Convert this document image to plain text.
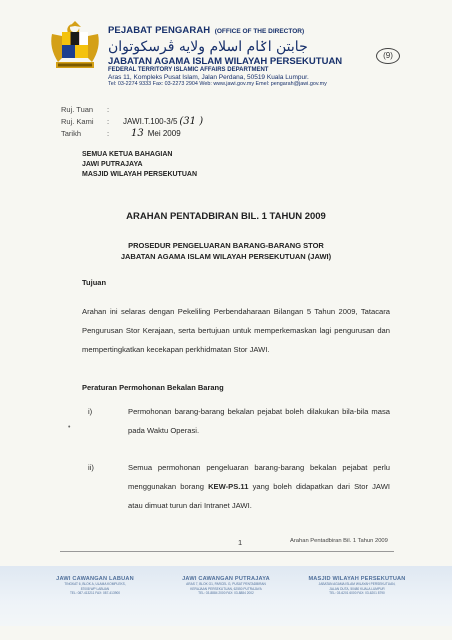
PEJABAT PENGARAH (OFFICE OF THE DIRECTOR)
جابتن اݢام اسلام ولايه ڤرسكوتوان
JABATAN AGAMA ISLAM WILAYAH PERSEKUTUAN
FEDERAL TERRITORY ISLAMIC AFFAIRS DEPARTMENT
Aras 11, Kompleks Pusat Islam, Jalan Perdana, 50519 Kuala Lumpur.
Tel: 03-2274 9333 Fax: 03-2273 2904 Web: www.jawi.gov.my Emel: pengarah@jawi.gov.my
(9)
Ruj. Tuan	:
Ruj. Kami	:	JAWI.T.100-3/5 (31 )
Tarikh	:	13 Mei 2009
SEMUA KETUA BAHAGIAN
JAWI PUTRAJAYA
MASJID WILAYAH PERSEKUTUAN
ARAHAN PENTADBIRAN BIL. 1 TAHUN 2009
PROSEDUR PENGELUARAN BARANG-BARANG STOR
JABATAN AGAMA ISLAM WILAYAH PERSEKUTUAN (JAWI)
Tujuan
Arahan ini selaras dengan Pekeliling Perbendaharaan Bilangan 5 Tahun 2009, Tatacara Pengurusan Stor Kerajaan, serta bertujuan untuk memperkemaskan lagi pengurusan dan mempertingkatkan kecekapan perkhidmatan Stor JAWI.
Peraturan Permohonan Bekalan Barang
•
i)	Permohonan barang-barang bekalan pejabat boleh dilakukan bila-bila masa pada Waktu Operasi.
ii)	Semua permohonan pengeluaran barang-barang bekalan pejabat perlu menggunakan borang KEW-PS.11 yang boleh didapatkan dari Stor JAWI atau dimuat turun dari Intranet JAWI.
1	Arahan Pentadbiran Bil. 1 Tahun 2009
JAWI CAWANGAN LABUAN
TINGKAT 6, BLOK A, ULAMA KOMPLEKS,
87008 WP LABUAN
TEL: 087-413211 FAX: 087-413900
JAWI CAWANGAN PUTRAJAYA
ARAS 7, BLOK G1, PARCEL G, PUSAT PENTADBIRAN
KERAJAAN PERSEKUTUAN, 62550 PUTRAJAYA
TEL: 03-8884 2000 FAX: 03-8884 2002
MASJID WILAYAH PERSEKUTUAN
JABATAN AGAMA ISLAM WILAYAH PERSEKUTUAN,
JALAN DUTA, 50480 KUALA LUMPUR
TEL: 03-6201 6000 FAX: 03-6201 8790
